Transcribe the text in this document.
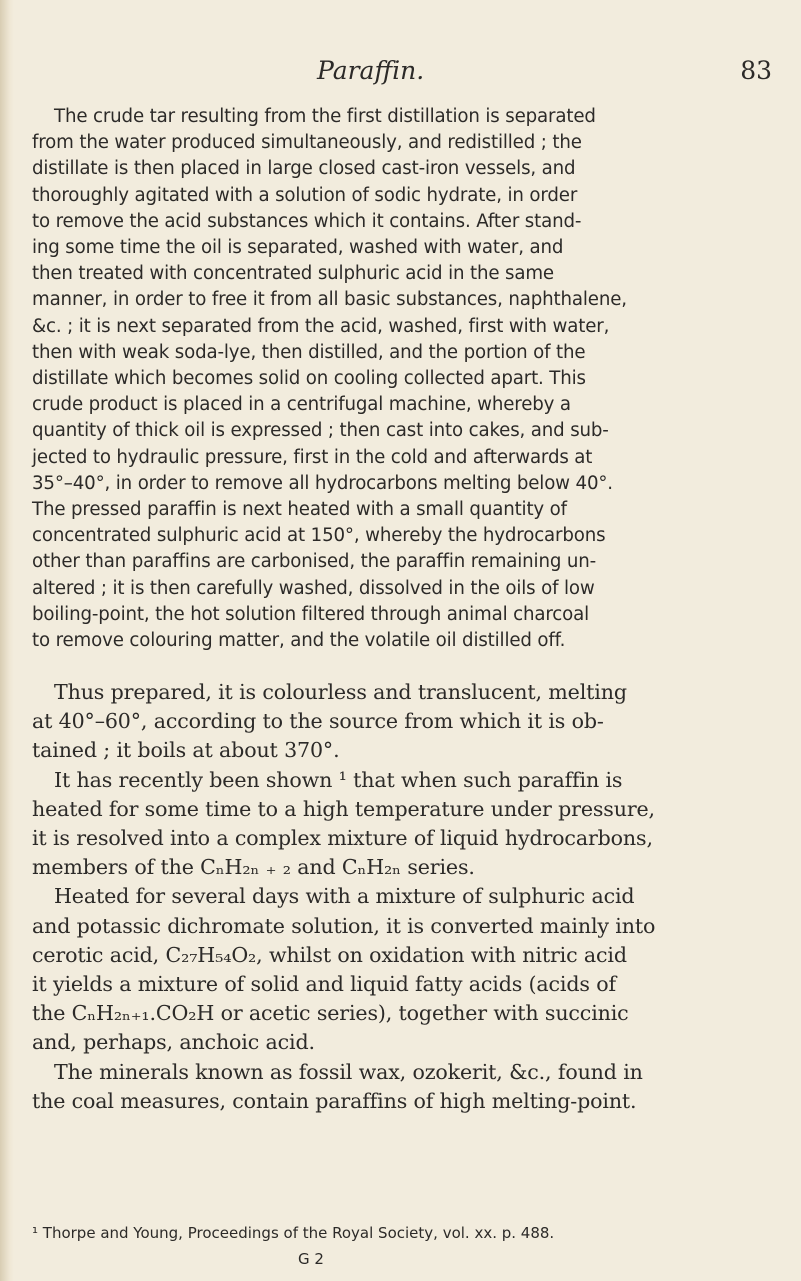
Paraffin.	83
The crude tar resulting from the first distillation is separated
from the water produced simultaneously, and redistilled ; the
distillate is then placed in large closed cast-iron vessels, and
thoroughly agitated with a solution of sodic hydrate, in order
to remove the acid substances which it contains. After stand-
ing some time the oil is separated, washed with water, and
then treated with concentrated sulphuric acid in the same
manner, in order to free it from all basic substances, naphthalene,
&c. ; it is next separated from the acid, washed, first with water,
then with weak soda-lye, then distilled, and the portion of the
distillate which becomes solid on cooling collected apart. This
crude product is placed in a centrifugal machine, whereby a
quantity of thick oil is expressed ; then cast into cakes, and sub-
jected to hydraulic pressure, first in the cold and afterwards at
35°–40°, in order to remove all hydrocarbons melting below 40°.
The pressed paraffin is next heated with a small quantity of
concentrated sulphuric acid at 150°, whereby the hydrocarbons
other than paraffins are carbonised, the paraffin remaining un-
altered ; it is then carefully washed, dissolved in the oils of low
boiling-point, the hot solution filtered through animal charcoal
to remove colouring matter, and the volatile oil distilled off.
Thus prepared, it is colourless and translucent, melting
at 40°–60°, according to the source from which it is ob-
tained ; it boils at about 370°.
It has recently been shown ¹ that when such paraffin is
heated for some time to a high temperature under pressure,
it is resolved into a complex mixture of liquid hydrocarbons,
members of the CₙH₂ₙ ₊ ₂ and CₙH₂ₙ series.
Heated for several days with a mixture of sulphuric acid
and potassic dichromate solution, it is converted mainly into
cerotic acid, C₂₇H₅₄O₂, whilst on oxidation with nitric acid
it yields a mixture of solid and liquid fatty acids (acids of
the CₙH₂ₙ₊₁.CO₂H or acetic series), together with succinic
and, perhaps, anchoic acid.
The minerals known as fossil wax, ozokerit, &c., found in
the coal measures, contain paraffins of high melting-point.
¹ Thorpe and Young, Proceedings of the Royal Society, vol. xx. p. 488.
G 2
